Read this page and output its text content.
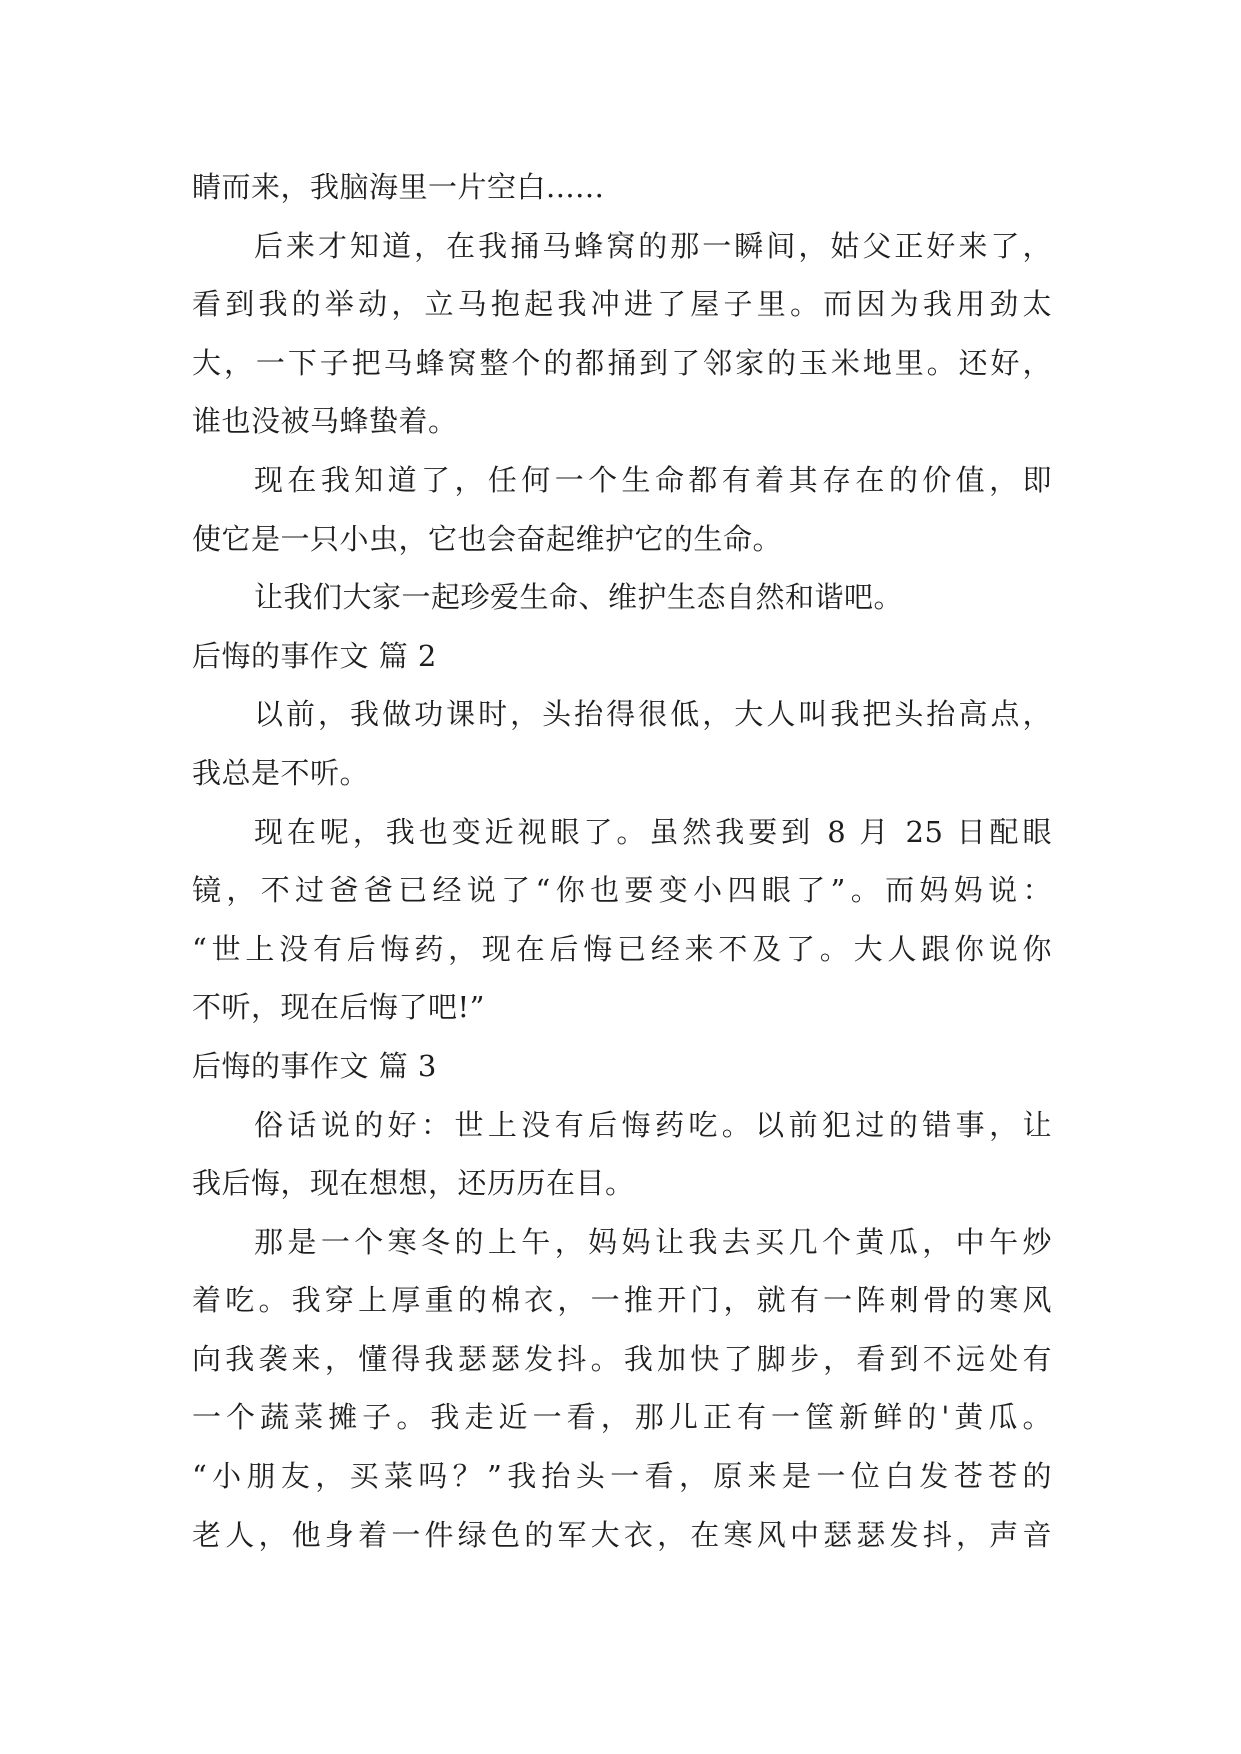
睛而来，我脑海里一片空白......
后来才知道，在我捅马蜂窝的那一瞬间，姑父正好来了，
看到我的举动，立马抱起我冲进了屋子里。而因为我用劲太
大，一下子把马蜂窝整个的都捅到了邻家的玉米地里。还好，
谁也没被马蜂蛰着。
现在我知道了，任何一个生命都有着其存在的价值，即
使它是一只小虫，它也会奋起维护它的生命。
让我们大家一起珍爱生命、维护生态自然和谐吧。
后悔的事作文 篇 2
以前，我做功课时，头抬得很低，大人叫我把头抬高点，
我总是不听。
现在呢，我也变近视眼了。虽然我要到 8 月 25 日配眼
镜，不过爸爸已经说了“你也要变小四眼了”。而妈妈说：
“世上没有后悔药，现在后悔已经来不及了。大人跟你说你
不听，现在后悔了吧!”
后悔的事作文 篇 3
俗话说的好：世上没有后悔药吃。以前犯过的错事，让
我后悔，现在想想，还历历在目。
那是一个寒冬的上午，妈妈让我去买几个黄瓜，中午炒
着吃。我穿上厚重的棉衣，一推开门，就有一阵刺骨的寒风
向我袭来，懂得我瑟瑟发抖。我加快了脚步，看到不远处有
一个蔬菜摊子。我走近一看，那儿正有一筐新鲜的'黄瓜。
“小朋友，买菜吗？”我抬头一看，原来是一位白发苍苍的
老人，他身着一件绿色的军大衣，在寒风中瑟瑟发抖，声音
